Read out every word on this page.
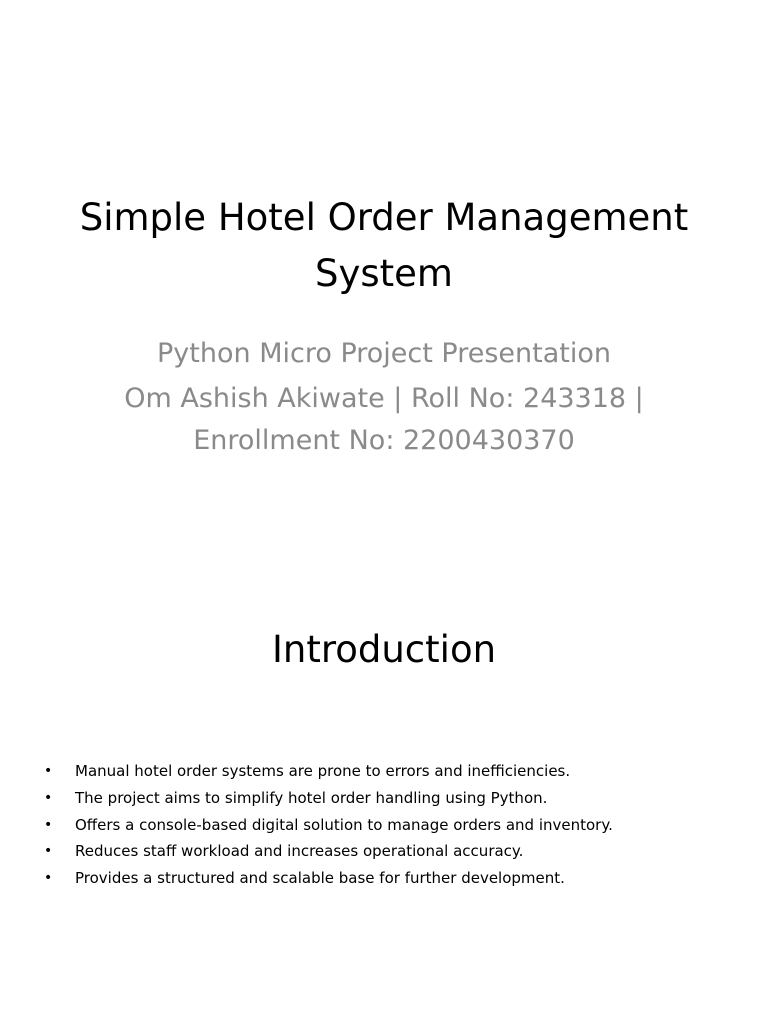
Simple Hotel Order Management System

Python Micro Project Presentation

Om Ashish Akiwate | Roll No: 243318 | Enrollment No: 2200430370

Introduction
• Manual hotel order systems are prone to errors and inefficiencies.
• The project aims to simplify hotel order handling using Python.
• Offers a console-based digital solution to manage orders and inventory.
• Reduces staff workload and increases operational accuracy.
• Provides a structured and scalable base for further development.
